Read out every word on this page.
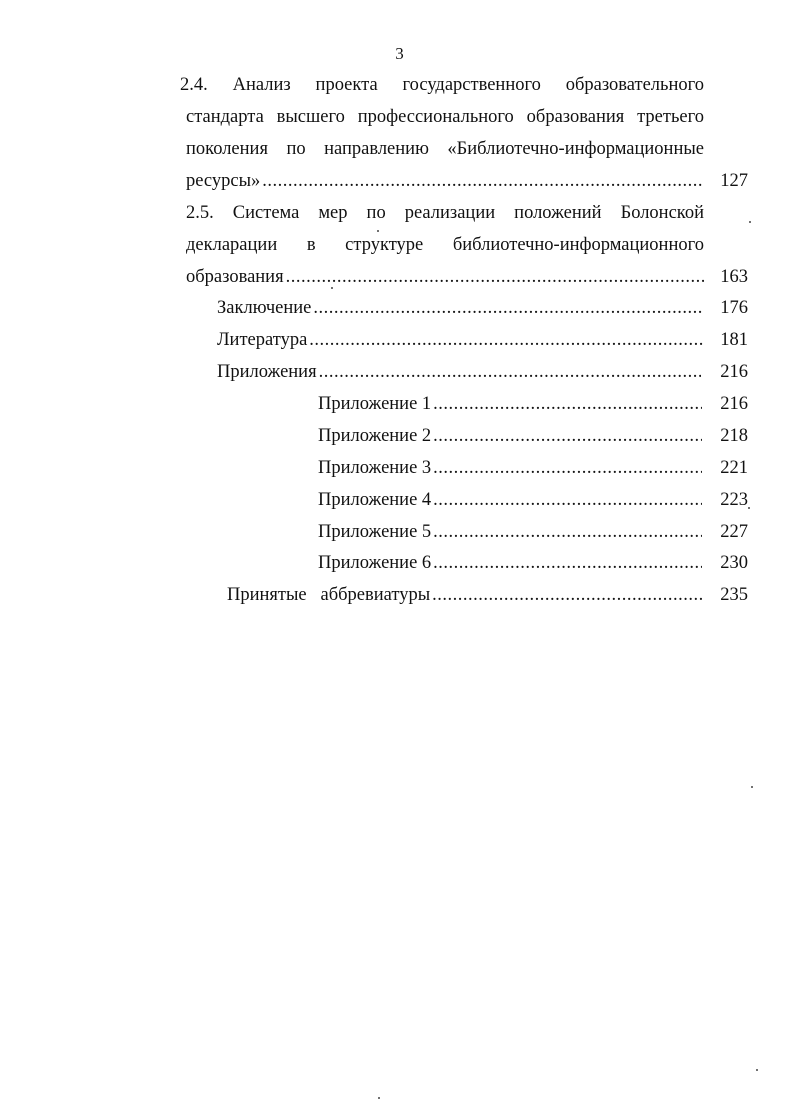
3
2.4. Анализ проекта государственного образовательного
стандарта высшего профессионального образования третьего
поколения по направлению «Библиотечно-информационные
ресурсы» .....	127
2.5. Система мер по реализации положений Болонской
декларации в структуре библиотечно-информационного
образования .....	163
Заключение .....	176
Литература .....	181
Приложения .....	216
Приложение 1 .....	216
Приложение 2 .....	218
Приложение 3 .....	221
Приложение 4 .....	223
Приложение 5 .....	227
Приложение 6 .....	230
Принятые   аббревиатуры .....	235
